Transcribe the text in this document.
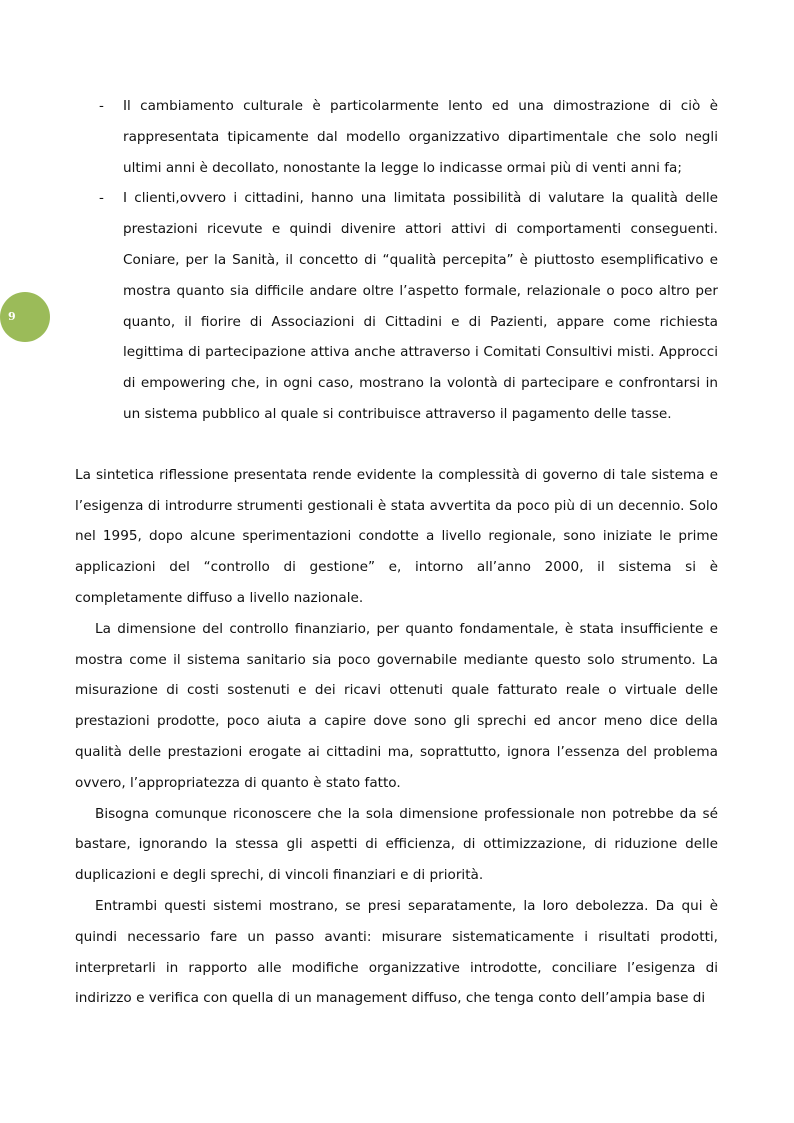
9
- Il cambiamento culturale è particolarmente lento ed una dimostrazione di ciò è rappresentata tipicamente dal modello organizzativo dipartimentale che solo negli ultimi anni è decollato, nonostante la legge lo indicasse ormai più di venti anni fa;
- I clienti,ovvero i cittadini, hanno una limitata possibilità di valutare la qualità delle prestazioni ricevute e quindi divenire attori attivi di comportamenti conseguenti. Coniare, per la Sanità, il concetto di “qualità percepita” è piuttosto esemplificativo e mostra quanto sia difficile andare oltre l’aspetto formale, relazionale o poco altro per quanto, il fiorire di Associazioni di Cittadini e di Pazienti, appare come richiesta legittima di partecipazione attiva anche attraverso i Comitati Consultivi misti. Approcci di empowering che, in ogni caso, mostrano la volontà di partecipare e confrontarsi in un sistema pubblico al quale si contribuisce attraverso il pagamento delle tasse.

La sintetica riflessione presentata rende evidente la complessità di governo di tale sistema e l’esigenza di introdurre strumenti gestionali è stata avvertita da poco più di un decennio. Solo nel 1995, dopo alcune sperimentazioni condotte a livello regionale, sono iniziate le prime applicazioni del “controllo di gestione” e, intorno all’anno 2000, il sistema si è completamente diffuso a livello nazionale.

La dimensione del controllo finanziario, per quanto fondamentale, è stata insufficiente e mostra come il sistema sanitario sia poco governabile mediante questo solo strumento. La misurazione di costi sostenuti e dei ricavi ottenuti quale fatturato reale o virtuale delle prestazioni prodotte, poco aiuta a capire dove sono gli sprechi ed ancor meno dice della qualità delle prestazioni erogate ai cittadini ma, soprattutto, ignora l’essenza del problema ovvero, l’appropriatezza di quanto è stato fatto.

Bisogna comunque riconoscere che la sola dimensione professionale non potrebbe da sé bastare, ignorando la stessa gli aspetti di efficienza, di ottimizzazione, di riduzione delle duplicazioni e degli sprechi, di vincoli finanziari e di priorità.

Entrambi questi sistemi mostrano, se presi separatamente, la loro debolezza. Da qui è quindi necessario fare un passo avanti: misurare sistematicamente i risultati prodotti, interpretarli in rapporto alle modifiche organizzative introdotte, conciliare l’esigenza di indirizzo e verifica con quella di un management diffuso, che tenga conto dell’ampia base di
